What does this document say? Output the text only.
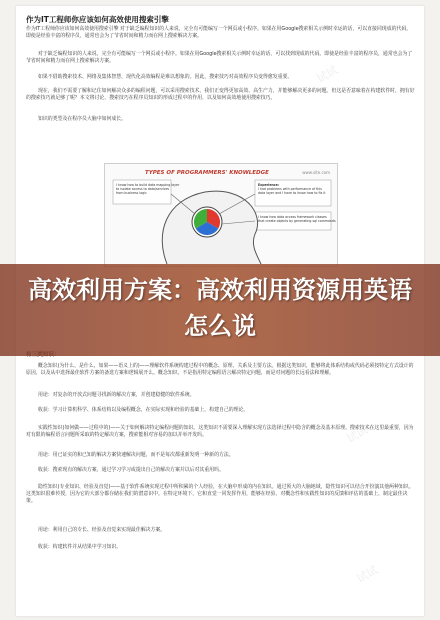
作为IT工程师你应该如何高效使用搜索引擎

作为IT工程师你应该如何高效使用搜索引擎 对于缺乏编程知识的人来说，完全有可能编写一个网页或小程序。如果在用Google搜索相关示例时幸运的话，可以直接同现成的代码。即使是经验丰富的程序员，通常也会为了节省时间和精力而在网上搜索解决方案。

对于缺乏编程知识的人来说，完全有可能编写一个网页或小程序。如果在用Google搜索相关示例时幸运的话，可以找到现成的代码。即使是经验丰富的程序员，通常也会为了节省时间和精力而在网上搜索解决方案。

如果不借助搜索技术、网络及集体智慧，现代化高效编程是难以想象的。因此，搜索技巧对高效程序员变得愈发重要。

现在，我们不需要了解和记住如何解决众多的编程问题，可以采用搜索技术，我们正变得更加高效、高生产力，并能够解决更多的问题。但这是否意味着在构建软件时，拥有好的搜索技巧就足够了呢？本文将讨论，搜索技巧在程序员知识的形成过程中的作用，以及如何高效地使用搜索技巧。

知识的类型及在程序员大脑中如何成长。

TYPES OF PROGRAMMERS' KNOWLEDGE	www.site.com
I know how to build data mapping layer to isolate access to data/services from business logic
Experience: I had problems with performance of this data layer and I have to know how to fix it
I know how data access framework classes that create objects by generating sql commands

概念知识(为什么、是什么、如果——语义上的)——理解软件系统构建过程中的概念、原理、关系及主要方法。根据这类知识，能够将此体系结构或代码必须按特定方式设计的原因，以及从中选择最佳软件方案的备选方案和逻辑展开么。概念知识，不是指用特定编程语言解决特定问题，而是对问题的长远看法和理解。

用途：对复杂的开放式问题寻找新的解决方案，并创建稳健的软件系统。

收获：学习计算机科学、体系结构以及编程概念，在实际实现和经验的基础上，构建自己的理论。

实践性知识(如何做——过程中的)——关于如何解决特定编程问题的知识。这类知识不需要深入理解实现方法选择过程中隐含的概念及基本原理。搜索技术在这里最重要，因为对有限的编程语言问题所采取的特定解决方案，搜索能相对容易的加以并举开发吗。

用途：用已证实的和已知的解决方案快速解决问题，而不是每次都重新发明一种新的方法。

收获：搜索现有的解决方案，通过学习学习或提出自己的解决方案并以后对其重用吗。

隐性知识(专业知识、经验及直觉)——基于软件系统实现过程中所积累的个人经验，在大脑中形成的内在知识。通过预大的大脑地域，隐性知识可以结合开扮演其他两种知识。这类知识很难传授，因为它的大部分都存储在我们的潜意识中。在特定环境下，它和直觉一同发挥作用，能够在经验、对概念性和实践性知识的反馈和评估的基础上，制定最佳决策。

用途：利用自己的专长、经验及直觉来实现最佳解决方案。

收获：构建软件并从结果中学习知识。

试试
试试
试试
高效利用方案：高效利用资源用英语怎么说
